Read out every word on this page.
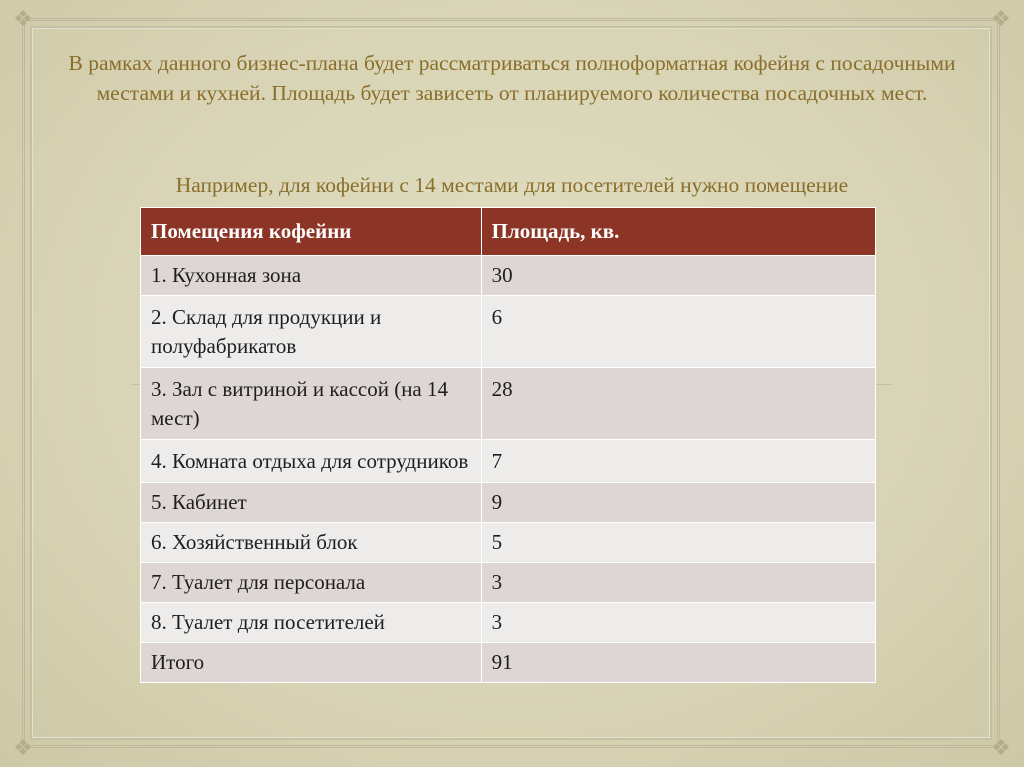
❖	❖
❖	❖
В рамках данного бизнес-плана будет рассматриваться полноформатная кофейня с посадочными местами и кухней. Площадь будет зависеть от планируемого количества посадочных мест.
Например, для кофейни с 14 местами для посетителей нужно помещение
Помещения кофейни	Площадь, кв.
1. Кухонная зона	30
2. Склад для продукции и полуфабрикатов	6
3. Зал с витриной и кассой (на 14 мест)	28
4. Комната отдыха для сотрудников	7
5. Кабинет	9
6. Хозяйственный блок	5
7. Туалет для персонала	3
8. Туалет для посетителей	3
Итого	91
